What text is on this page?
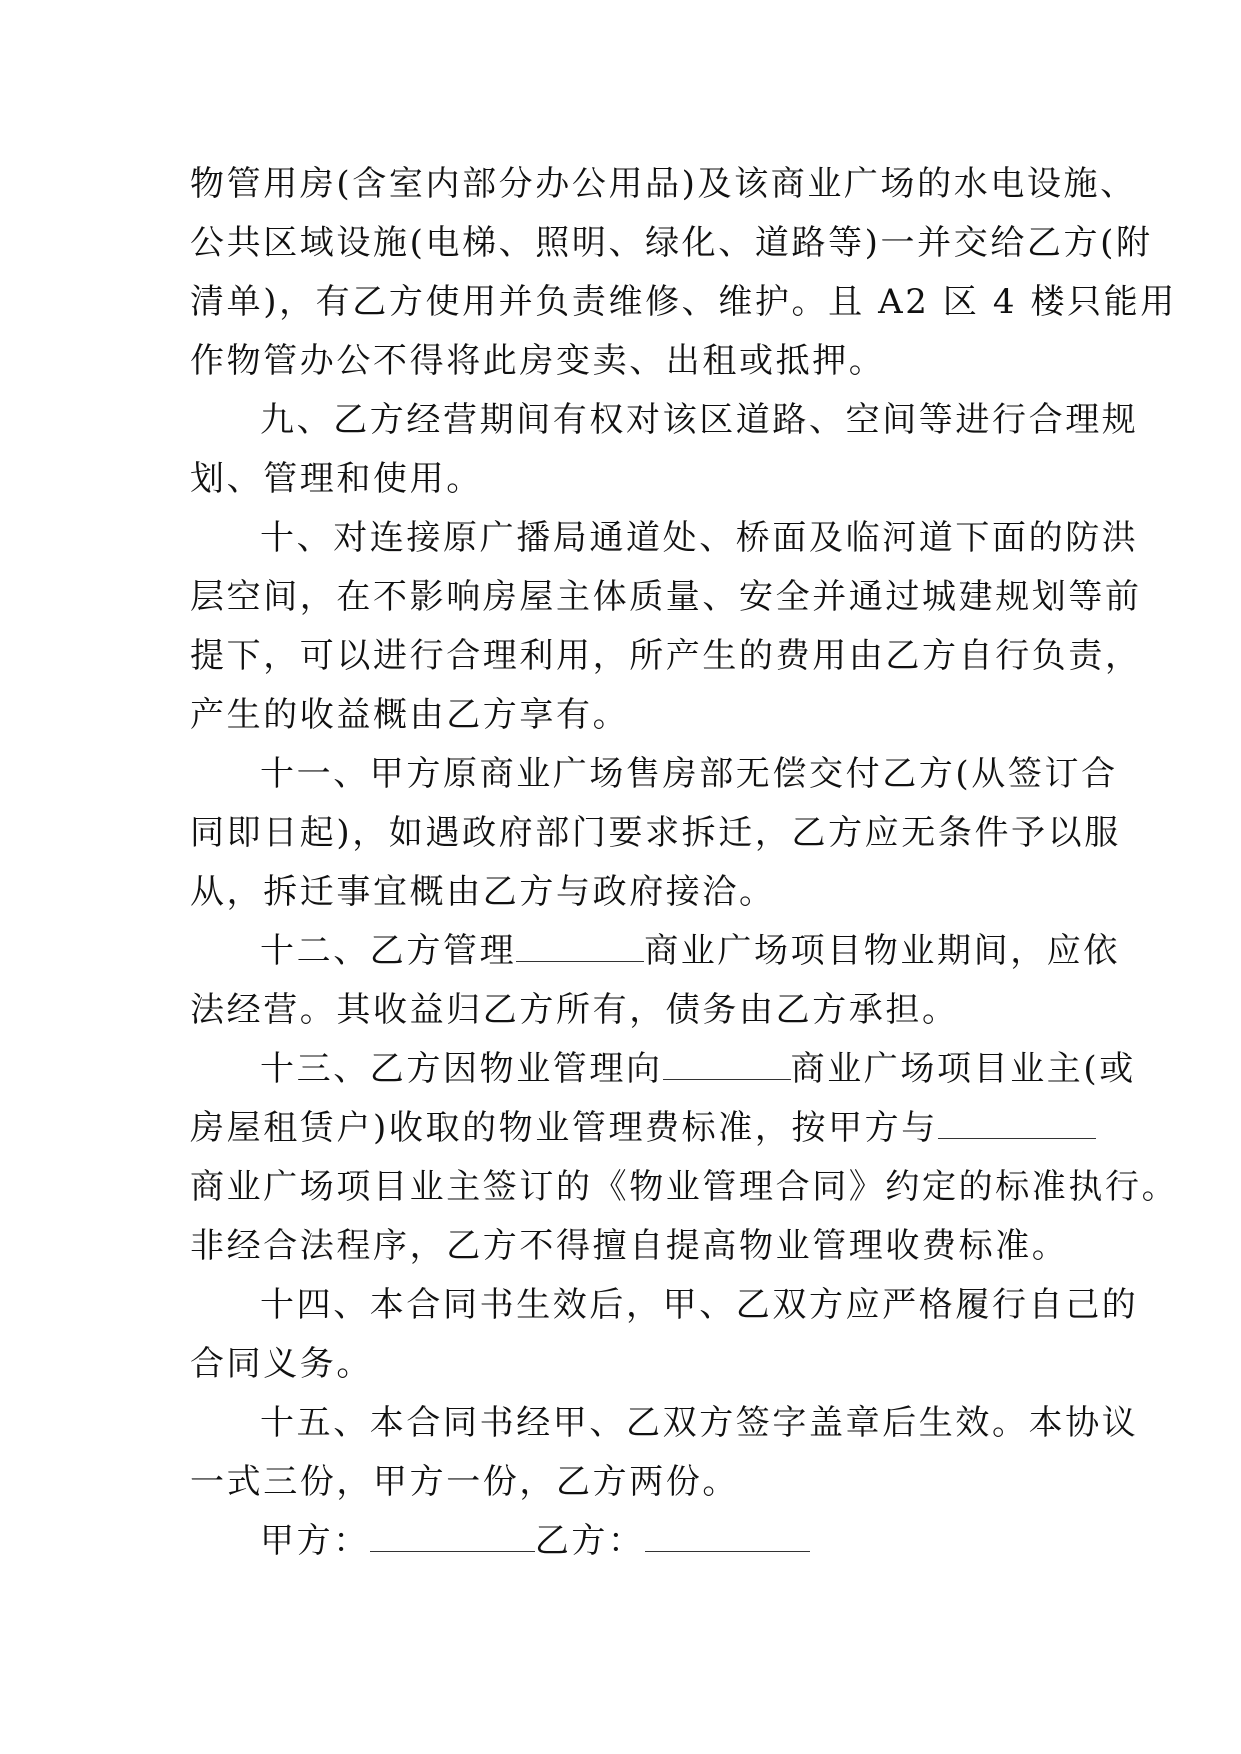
物管用房(含室内部分办公用品)及该商业广场的水电设施、
公共区域设施(电梯、照明、绿化、道路等)一并交给乙方(附
清单)，有乙方使用并负责维修、维护。且 A2 区 4 楼只能用
作物管办公不得将此房变卖、出租或抵押。
九、乙方经营期间有权对该区道路、空间等进行合理规
划、管理和使用。
十、对连接原广播局通道处、桥面及临河道下面的防洪
层空间，在不影响房屋主体质量、安全并通过城建规划等前
提下，可以进行合理利用，所产生的费用由乙方自行负责，
产生的收益概由乙方享有。
十一、甲方原商业广场售房部无偿交付乙方(从签订合
同即日起)，如遇政府部门要求拆迁，乙方应无条件予以服
从，拆迁事宜概由乙方与政府接洽。
十二、乙方管理	商业广场项目物业期间，应依
法经营。其收益归乙方所有，债务由乙方承担。
十三、乙方因物业管理向	商业广场项目业主(或
房屋租赁户)收取的物业管理费标准，按甲方与
商业广场项目业主签订的《物业管理合同》约定的标准执行。
非经合法程序，乙方不得擅自提高物业管理收费标准。
十四、本合同书生效后，甲、乙双方应严格履行自己的
合同义务。
十五、本合同书经甲、乙双方签字盖章后生效。本协议
一式三份，甲方一份，乙方两份。
甲方：	乙方：
